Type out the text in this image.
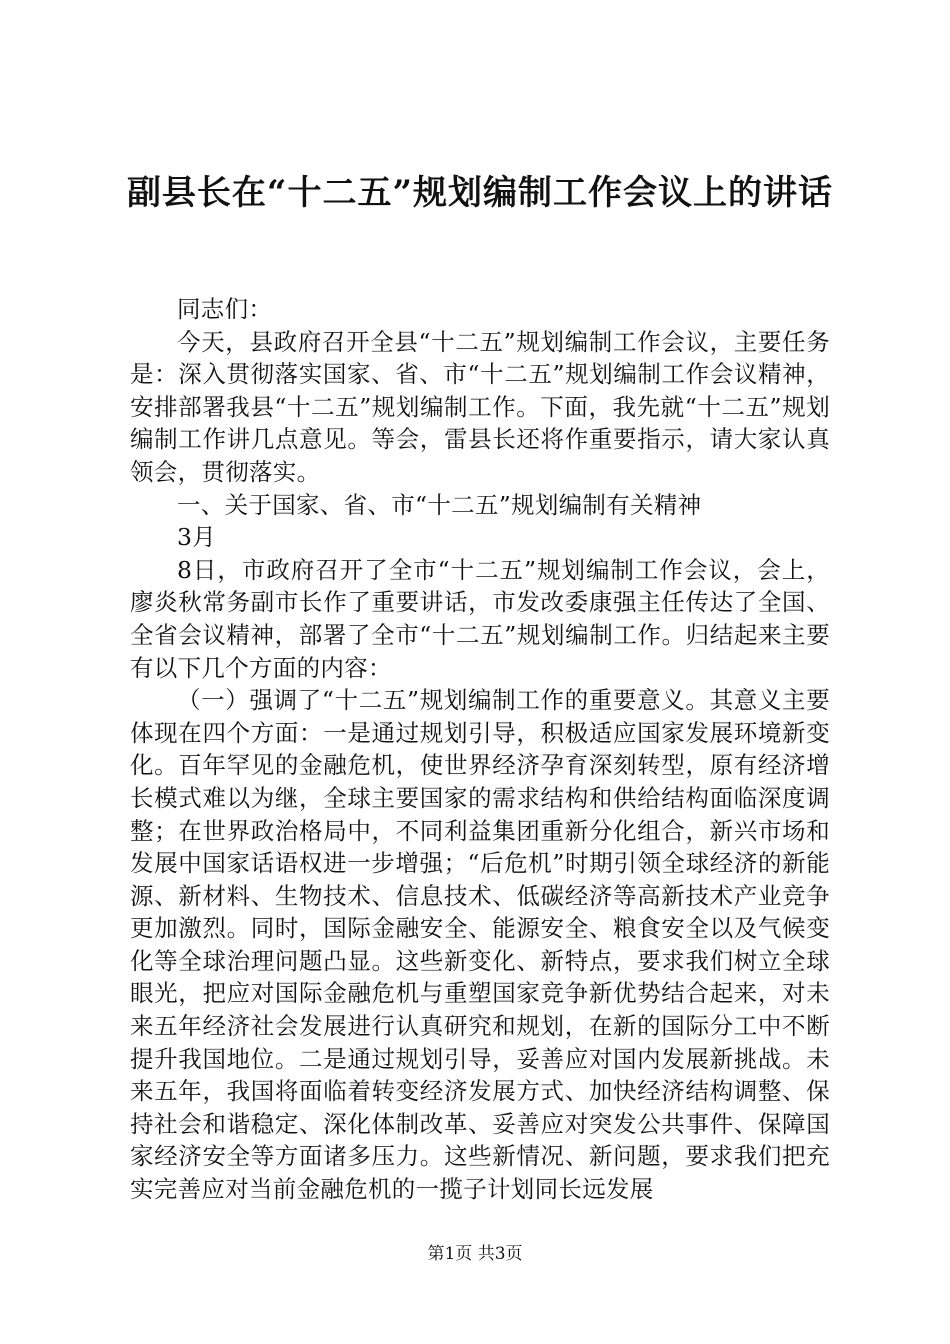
副县长在“十二五”规划编制工作会议上的讲话

同志们：

今天，县政府召开全县“十二五”规划编制工作会议，主要任务是：深入贯彻落实国家、省、市“十二五”规划编制工作会议精神，安排部署我县“十二五”规划编制工作。下面，我先就“十二五”规划编制工作讲几点意见。等会，雷县长还将作重要指示，请大家认真领会，贯彻落实。

一、关于国家、省、市“十二五”规划编制有关精神

3月

8日，市政府召开了全市“十二五”规划编制工作会议，会上，廖炎秋常务副市长作了重要讲话，市发改委康强主任传达了全国、全省会议精神，部署了全市“十二五”规划编制工作。归结起来主要有以下几个方面的内容：

（一）强调了“十二五”规划编制工作的重要意义。其意义主要体现在四个方面：一是通过规划引导，积极适应国家发展环境新变化。百年罕见的金融危机，使世界经济孕育深刻转型，原有经济增长模式难以为继，全球主要国家的需求结构和供给结构面临深度调整；在世界政治格局中，不同利益集团重新分化组合，新兴市场和发展中国家话语权进一步增强；“后危机”时期引领全球经济的新能源、新材料、生物技术、信息技术、低碳经济等高新技术产业竞争更加激烈。同时，国际金融安全、能源安全、粮食安全以及气候变化等全球治理问题凸显。这些新变化、新特点，要求我们树立全球眼光，把应对国际金融危机与重塑国家竞争新优势结合起来，对未来五年经济社会发展进行认真研究和规划，在新的国际分工中不断提升我国地位。二是通过规划引导，妥善应对国内发展新挑战。未来五年，我国将面临着转变经济发展方式、加快经济结构调整、保持社会和谐稳定、深化体制改革、妥善应对突发公共事件、保障国家经济安全等方面诸多压力。这些新情况、新问题，要求我们把充实完善应对当前金融危机的一揽子计划同长远发展

第1页 共3页
